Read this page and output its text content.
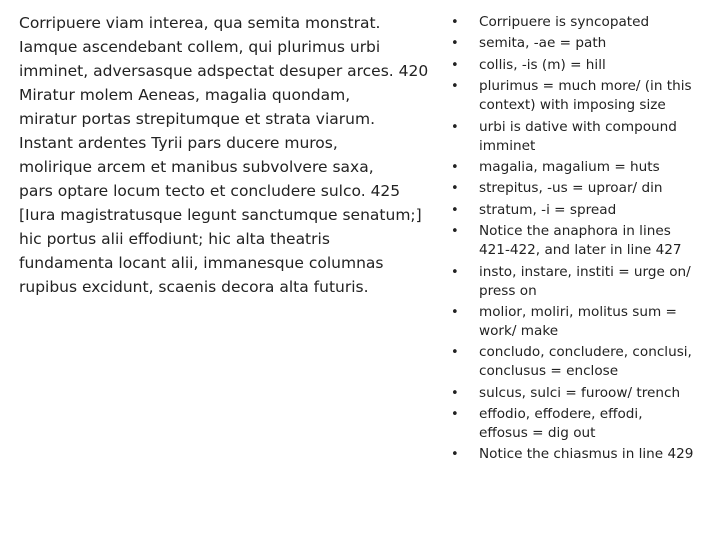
Corripuere viam interea, qua semita monstrat.
Iamque ascendebant collem, qui plurimus urbi
imminet, adversasque adspectat desuper arces. 420
Miratur molem Aeneas, magalia quondam,
miratur portas strepitumque et strata viarum.
Instant ardentes Tyrii pars ducere muros,
molirique arcem et manibus subvolvere saxa,
pars optare locum tecto et concludere sulco. 425
[Iura magistratusque legunt sanctumque senatum;]
hic portus alii effodiunt; hic alta theatris
fundamenta locant alii, immanesque columnas
rupibus excidunt, scaenis decora alta futuris.
• Corripuere is syncopated
• semita, -ae = path
• collis, -is (m) = hill
• plurimus = much more/ (in this
context) with imposing size
• urbi is dative with compound
imminet
• magalia, magalium = huts
• strepitus, -us = uproar/ din
• stratum, -i = spread
• Notice the anaphora in lines
421-422, and later in line 427
• insto, instare, institi = urge on/
press on
• molior, moliri, molitus sum =
work/ make
• concludo, concludere, conclusi,
conclusus = enclose
• sulcus, sulci = furoow/ trench
• effodio, effodere, effodi,
effosus = dig out
• Notice the chiasmus in line 429
